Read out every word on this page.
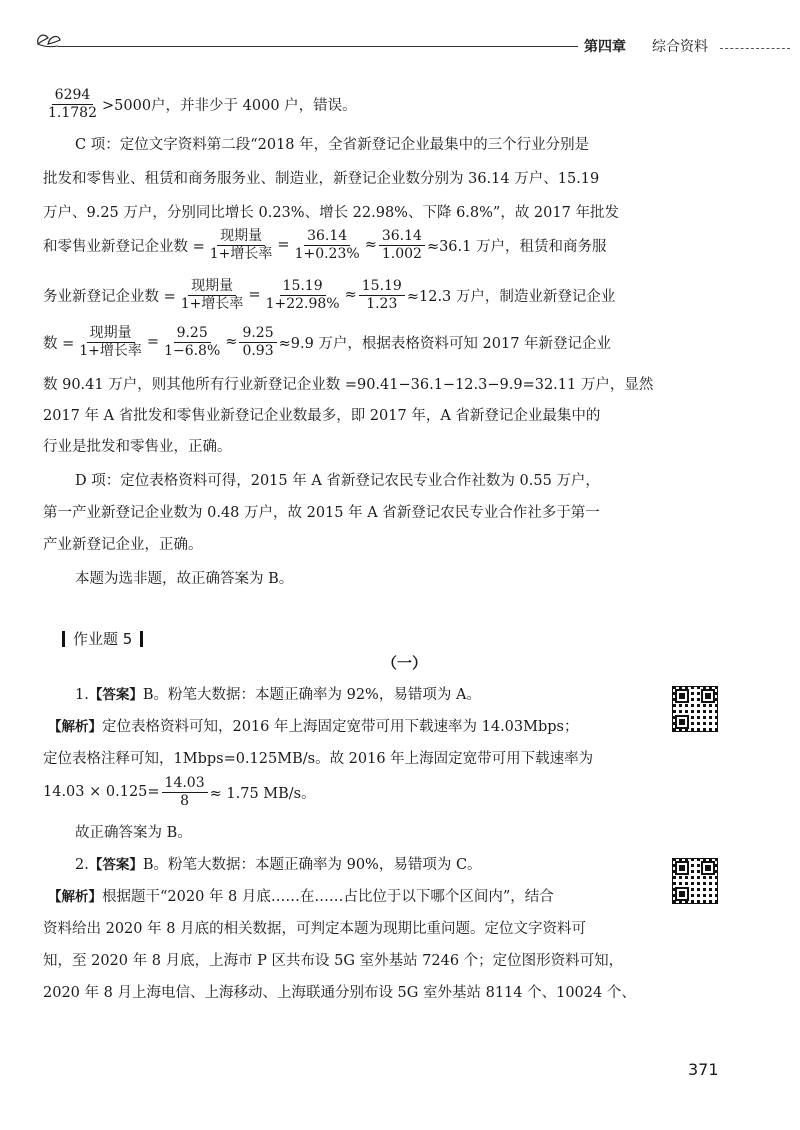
第四章 综合资料
$\frac{6294}{1.1782} >5000$户，并非少于 4000 户，错误。
C 项：定位文字资料第二段“2018 年，全省新登记企业最集中的三个行业分别是
批发和零售业、租赁和商务服务业、制造业，新登记企业数分别为 36.14 万户、15.19
万户、9.25 万户，分别同比增长 0.23%、增长 22.98%、下降 6.8%”，故 2017 年批发
和零售业新登记企业数 = $\frac{\text{现期量}}{\text{1+增长率}} = \frac{36.14}{1+0.23\%} \approx \frac{36.14}{1.002} \approx 36.1$ 万户，租赁和商务服
务业新登记企业数 = $\frac{\text{现期量}}{\text{1+增长率}} = \frac{15.19}{1+22.98\%} \approx \frac{15.19}{1.23} \approx 12.3$ 万户，制造业新登记企业
数 = $\frac{\text{现期量}}{\text{1+增长率}} = \frac{9.25}{1-6.8\%} \approx \frac{9.25}{0.93} \approx 9.9$ 万户，根据表格资料可知 2017 年新登记企业
数 90.41 万户，则其他所有行业新登记企业数 =90.41−36.1−12.3−9.9=32.11 万户，显然
2017 年 A 省批发和零售业新登记企业数最多，即 2017 年，A 省新登记企业最集中的
行业是批发和零售业，正确。
D 项：定位表格资料可得，2015 年 A 省新登记农民专业合作社数为 0.55 万户，
第一产业新登记企业数为 0.48 万户，故 2015 年 A 省新登记农民专业合作社多于第一
产业新登记企业，正确。
本题为选非题，故正确答案为 B。
作业题 5
（一）
1.【答案】B。粉笔大数据：本题正确率为 92%，易错项为 A。
【解析】定位表格资料可知，2016 年上海固定宽带可用下载速率为 14.03Mbps；
定位表格注释可知，1Mbps=0.125MB/s。故 2016 年上海固定宽带可用下载速率为
$14.03 \times 0.125= \frac{14.03}{8} \approx 1.75$ MB/s。
故正确答案为 B。
2.【答案】B。粉笔大数据：本题正确率为 90%，易错项为 C。
【解析】根据题干“2020 年 8 月底……在……占比位于以下哪个区间内”，结合
资料给出 2020 年 8 月底的相关数据，可判定本题为现期比重问题。定位文字资料可
知，至 2020 年 8 月底，上海市 P 区共布设 5G 室外基站 7246 个；定位图形资料可知，
2020 年 8 月上海电信、上海移动、上海联通分别布设 5G 室外基站 8114 个、10024 个、
371
